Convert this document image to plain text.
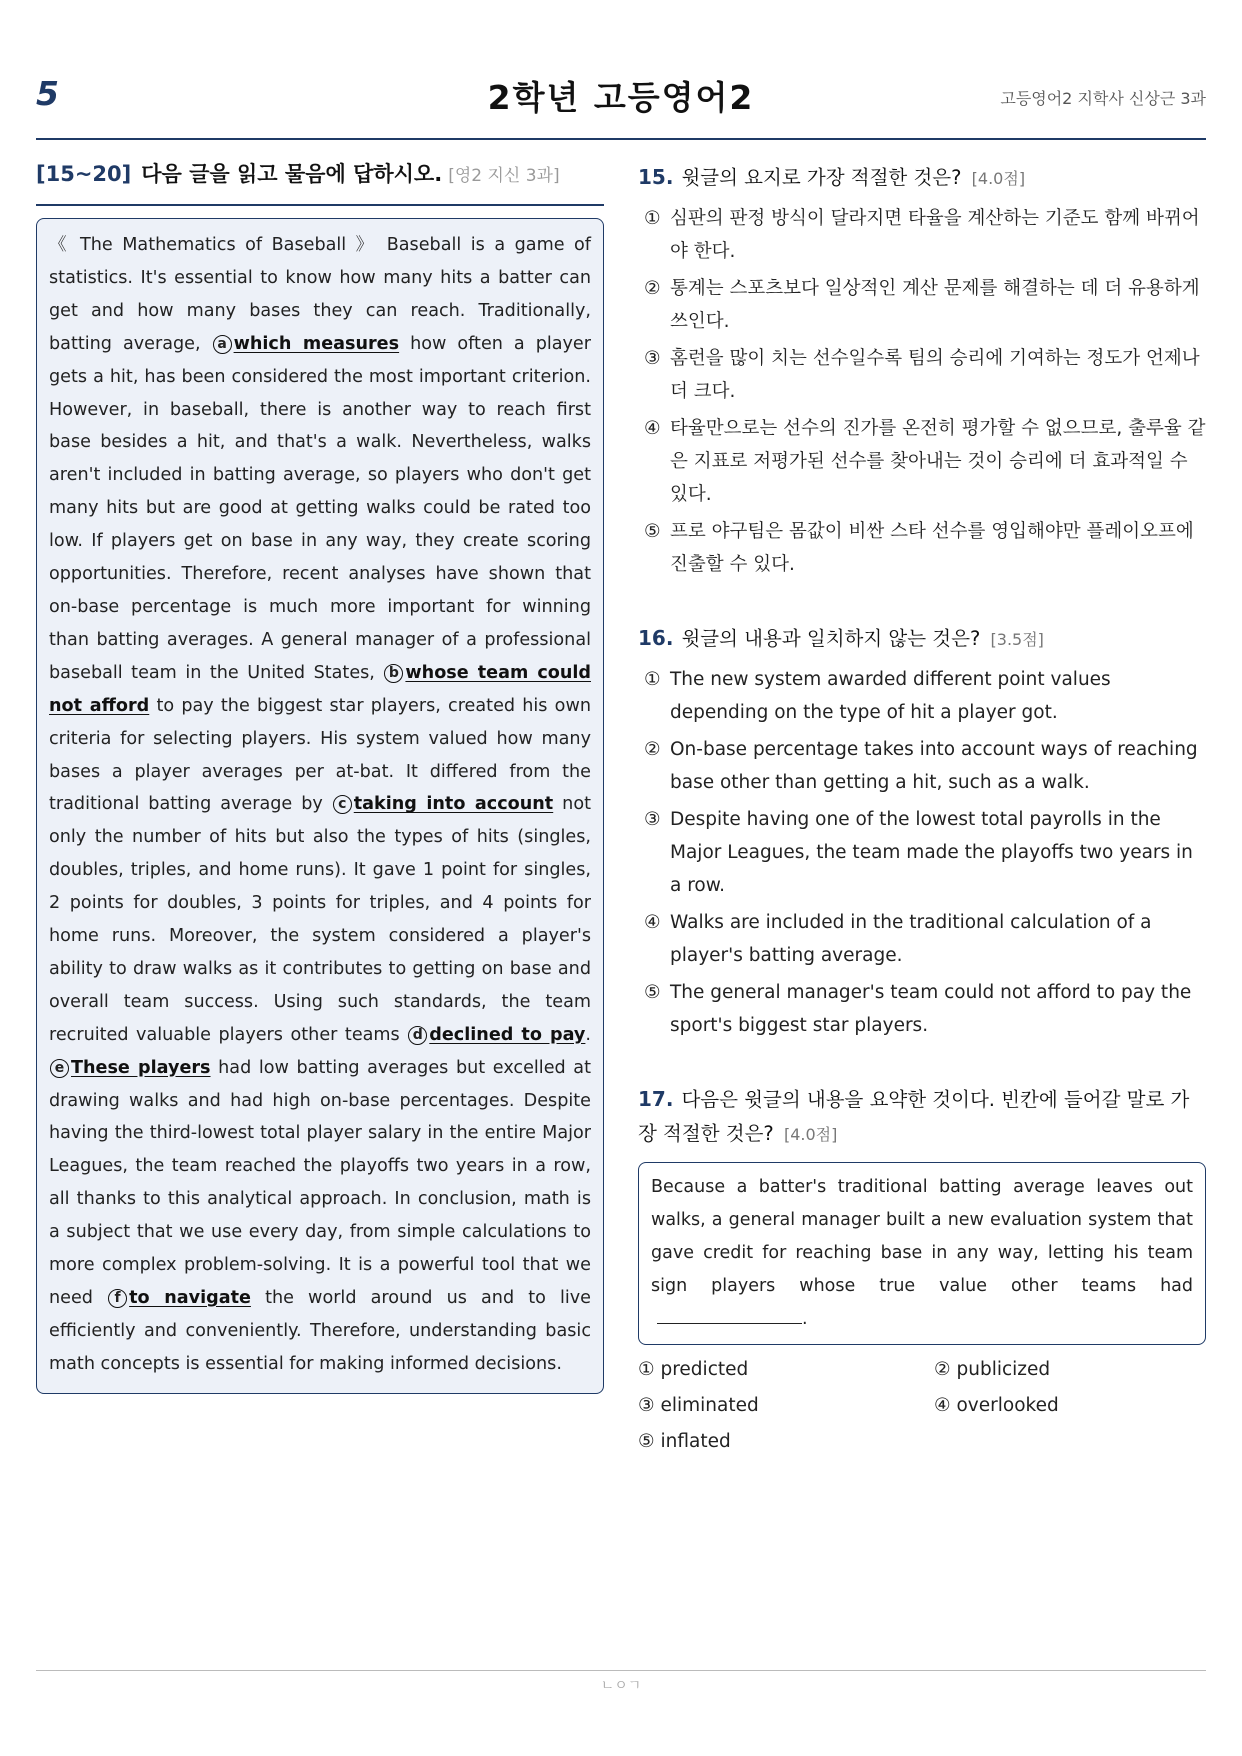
5	2학년 고등영어2	고등영어2 지학사 신상근 3과
[15~20] 다음 글을 읽고 물음에 답하시오. [영2 지신 3과]
《 The Mathematics of Baseball 》 Baseball is a game of statistics. It's essential to know how many hits a batter can get and how many bases they can reach. Traditionally, batting average, a which measures how often a player gets a hit, has been considered the most important criterion. However, in baseball, there is another way to reach first base besides a hit, and that's a walk. Nevertheless, walks aren't included in batting average, so players who don't get many hits but are good at getting walks could be rated too low. If players get on base in any way, they create scoring opportunities. Therefore, recent analyses have shown that on-base percentage is much more important for winning than batting averages. A general manager of a professional baseball team in the United States, b whose team could not afford to pay the biggest star players, created his own criteria for selecting players. His system valued how many bases a player averages per at-bat. It differed from the traditional batting average by c taking into account not only the number of hits but also the types of hits (singles, doubles, triples, and home runs). It gave 1 point for singles, 2 points for doubles, 3 points for triples, and 4 points for home runs. Moreover, the system considered a player's ability to draw walks as it contributes to getting on base and overall team success. Using such standards, the team recruited valuable players other teams d declined to pay. e These players had low batting averages but excelled at drawing walks and had high on-base percentages. Despite having the third-lowest total player salary in the entire Major Leagues, the team reached the playoffs two years in a row, all thanks to this analytical approach. In conclusion, math is a subject that we use every day, from simple calculations to more complex problem-solving. It is a powerful tool that we need f to navigate the world around us and to live efficiently and conveniently. Therefore, understanding basic math concepts is essential for making informed decisions.
15. 윗글의 요지로 가장 적절한 것은? [4.0점]
① 심판의 판정 방식이 달라지면 타율을 계산하는 기준도 함께 바뀌어야 한다.
② 통계는 스포츠보다 일상적인 계산 문제를 해결하는 데 더 유용하게 쓰인다.
③ 홈런을 많이 치는 선수일수록 팀의 승리에 기여하는 정도가 언제나 더 크다.
④ 타율만으로는 선수의 진가를 온전히 평가할 수 없으므로, 출루율 같은 지표로 저평가된 선수를 찾아내는 것이 승리에 더 효과적일 수 있다.
⑤ 프로 야구팀은 몸값이 비싼 스타 선수를 영입해야만 플레이오프에 진출할 수 있다.
16. 윗글의 내용과 일치하지 않는 것은? [3.5점]
① The new system awarded different point values depending on the type of hit a player got.
② On-base percentage takes into account ways of reaching base other than getting a hit, such as a walk.
③ Despite having one of the lowest total payrolls in the Major Leagues, the team made the playoffs two years in a row.
④ Walks are included in the traditional calculation of a player's batting average.
⑤ The general manager's team could not afford to pay the sport's biggest star players.
17. 다음은 윗글의 내용을 요약한 것이다. 빈칸에 들어갈 말로 가장 적절한 것은? [4.0점]
Because a batter's traditional batting average leaves out walks, a general manager built a new evaluation system that gave credit for reaching base in any way, letting his team sign players whose true value other teams had.
① predicted	② publicized
③ eliminated	④ overlooked
⑤ inflated
ㄴㅇㄱ
